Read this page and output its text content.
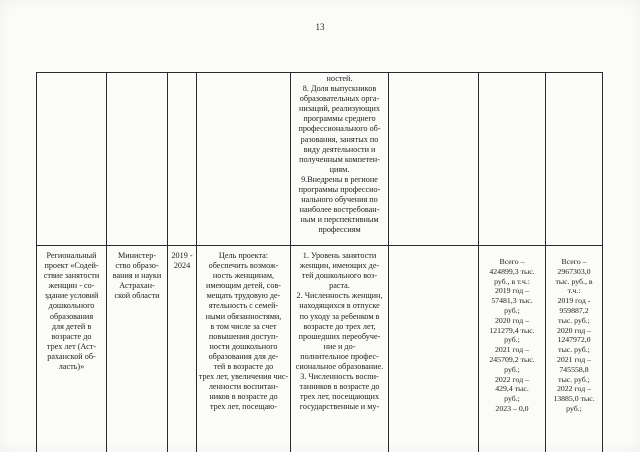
13
ностей.
8. Доля выпускников
образовательных орга-
низаций, реализующих
программы среднего
профессионального об-
разования, занятых по
виду деятельности и
полученным компетен-
циям.
9.Внедрены в регионе
программы профессио-
нального обучения по
наиболее востребован-
ным и перспективным
профессиям
Региональный
проект «Содей-
ствие занятости
женщин - со-
здание условий
дошкольного
образования
для детей в
возрасте до
трех лет (Аст-
раханской об-
ласть)»
Министер-
ство образо-
вания и науки
Астрахан-
ской области
2019 -
2024
Цель проекта:
обеспечить возмож-
ность женщинам,
имеющим детей, сов-
мещать трудовую де-
ятельность с семей-
ными обязанностями,
в том числе за счет
повышения доступ-
ности дошкольного
образования для де-
тей в возрасте до
трех лет, увеличения чис-
ленности воспитан-
ников в возрасте до
трех лет, посещаю-
1. Уровень занятости
женщин, имеющих де-
тей дошкольного воз-
раста.
2. Численность женщин,
находящихся в отпуске
по уходу за ребенком в
возрасте до трех лет,
прошедших переобуче-
ние и до-
полнительное профес-
сиональное образование.
3. Численность воспи-
танников в возрасте до
трех лет, посещающих
государственные и му-
Всего –
424899,3 тыс.
руб., в т.ч.:
2019 год –
57481,3 тыс.
руб.;
2020 год –
121279,4 тыс.
руб.;
2021 год –
245709,2 тыс.
руб.;
2022 год –
429,4 тыс.
руб.;
2023 – 0,0
Всего –
2967303,0
тыс. руб., в
т.ч.:
2019 год -
959887,2
тыс. руб.;
2020 год –
1247972,0
тыс. руб.;
2021 год –
745558,8
тыс. руб.;
2022 год –
13885,0 тыс.
руб.;
